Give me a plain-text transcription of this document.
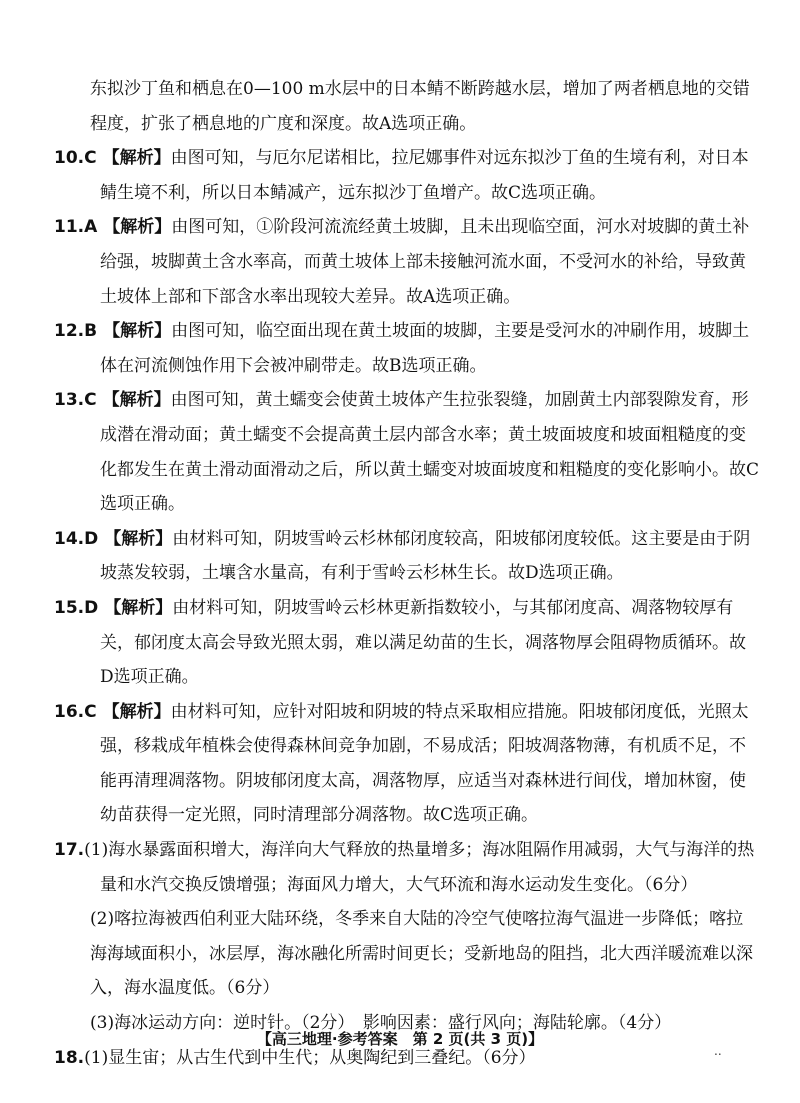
东拟沙丁鱼和栖息在0—100 m水层中的日本鲭不断跨越水层，增加了两者栖息地的交错程度，扩张了栖息地的广度和深度。故A选项正确。

10.C 【解析】由图可知，与厄尔尼诺相比，拉尼娜事件对远东拟沙丁鱼的生境有利，对日本鲭生境不利，所以日本鲭减产，远东拟沙丁鱼增产。故C选项正确。

11.A 【解析】由图可知，①阶段河流流经黄土坡脚，且未出现临空面，河水对坡脚的黄土补给强，坡脚黄土含水率高，而黄土坡体上部未接触河流水面，不受河水的补给，导致黄土坡体上部和下部含水率出现较大差异。故A选项正确。

12.B 【解析】由图可知，临空面出现在黄土坡面的坡脚，主要是受河水的冲刷作用，坡脚土体在河流侧蚀作用下会被冲刷带走。故B选项正确。

13.C 【解析】由图可知，黄土蠕变会使黄土坡体产生拉张裂缝，加剧黄土内部裂隙发育，形成潜在滑动面；黄土蠕变不会提高黄土层内部含水率；黄土坡面坡度和坡面粗糙度的变化都发生在黄土滑动面滑动之后，所以黄土蠕变对坡面坡度和粗糙度的变化影响小。故C选项正确。

14.D 【解析】由材料可知，阴坡雪岭云杉林郁闭度较高，阳坡郁闭度较低。这主要是由于阴坡蒸发较弱，土壤含水量高，有利于雪岭云杉林生长。故D选项正确。

15.D 【解析】由材料可知，阴坡雪岭云杉林更新指数较小，与其郁闭度高、凋落物较厚有关，郁闭度太高会导致光照太弱，难以满足幼苗的生长，凋落物厚会阻碍物质循环。故D选项正确。

16.C 【解析】由材料可知，应针对阳坡和阴坡的特点采取相应措施。阳坡郁闭度低，光照太强，移栽成年植株会使得森林间竞争加剧，不易成活；阳坡凋落物薄，有机质不足，不能再清理凋落物。阴坡郁闭度太高，凋落物厚，应适当对森林进行间伐，增加林窗，使幼苗获得一定光照，同时清理部分凋落物。故C选项正确。

17.(1)海水暴露面积增大，海洋向大气释放的热量增多；海冰阻隔作用减弱，大气与海洋的热量和水汽交换反馈增强；海面风力增大，大气环流和海水运动发生变化。（6分）

(2)喀拉海被西伯利亚大陆环绕，冬季来自大陆的冷空气使喀拉海气温进一步降低；喀拉海海域面积小，冰层厚，海冰融化所需时间更长；受新地岛的阻挡，北大西洋暖流难以深入，海水温度低。（6分）

(3)海冰运动方向：逆时针。（2分）　影响因素：盛行风向；海陆轮廓。（4分）

18.(1)显生宙；从古生代到中生代；从奥陶纪到三叠纪。（6分）

【高三地理·参考答案　第 2 页(共 3 页)】
..
